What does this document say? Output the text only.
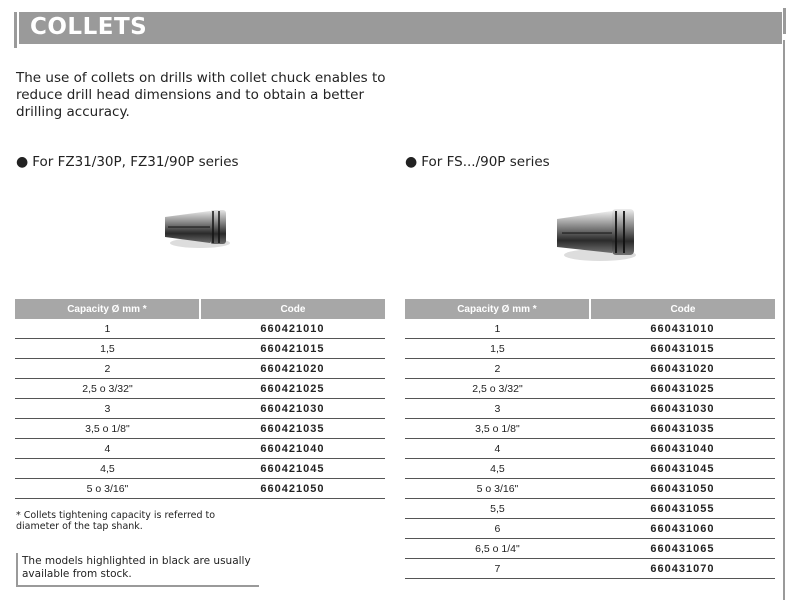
COLLETS
The use of collets on drills with collet chuck enables to reduce drill head dimensions and to obtain a better drilling accuracy.
● For FZ31/30P, FZ31/90P series
Capacity Ø mm *	Code
1	660421010
1,5	660421015
2	660421020
2,5 o 3/32"	660421025
3	660421030
3,5 o 1/8"	660421035
4	660421040
4,5	660421045
5 o 3/16"	660421050
* Collets tightening capacity is referred to diameter of the tap shank.
The models highlighted in black are usually available from stock.
● For FS.../90P series
Capacity Ø mm *	Code
1	660431010
1,5	660431015
2	660431020
2,5 o 3/32"	660431025
3	660431030
3,5 o 1/8"	660431035
4	660431040
4,5	660431045
5 o 3/16"	660431050
5,5	660431055
6	660431060
6,5 o 1/4"	660431065
7	660431070
